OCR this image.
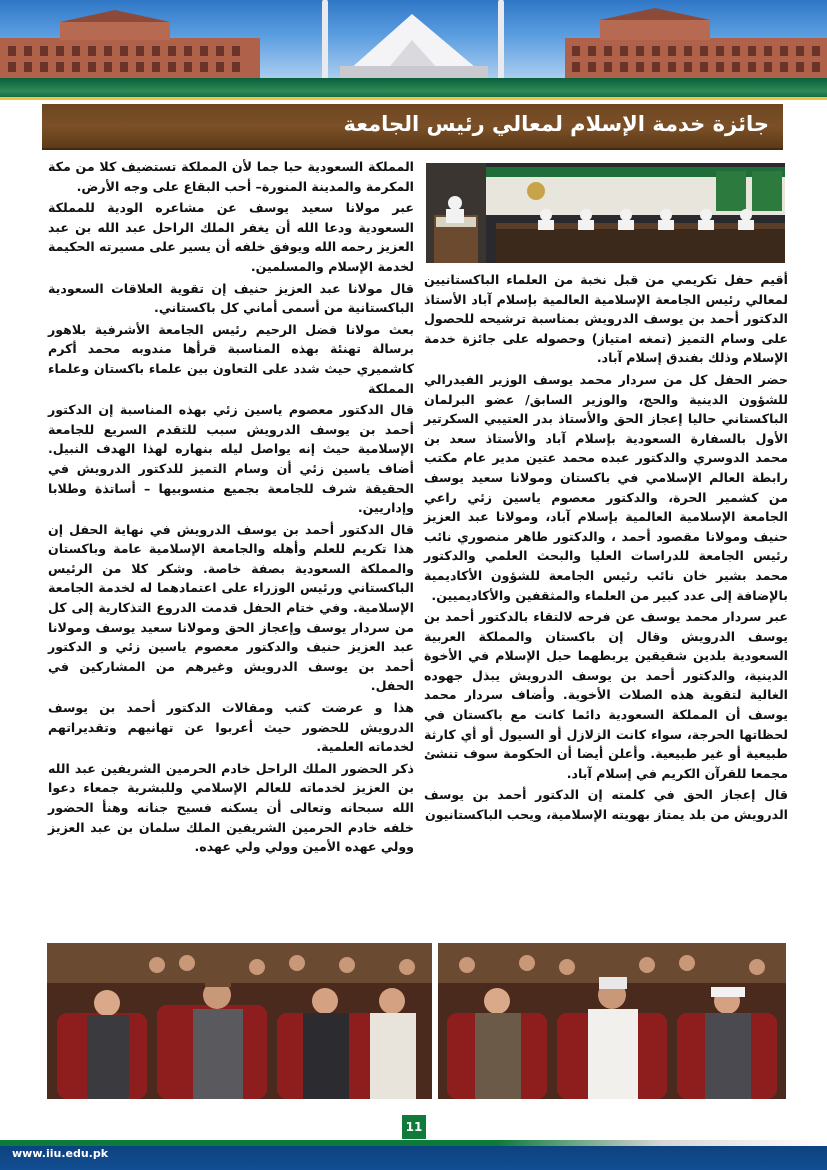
جائزة خدمة الإسلام لمعالي رئيس الجامعة

المملكة السعودية حبا جما لأن المملكة تستضيف كلا من مكة المكرمة والمدينة المنورة– أحب البقاع على وجه الأرض.

عبر مولانا سعيد يوسف عن مشاعره الودية للمملكة السعودية ودعا الله أن يغفر الملك الراحل عبد الله بن عبد العزيز رحمه الله ويوفق خلفه أن يسير على مسيرته الحكيمة لخدمة الإسلام والمسلمين.

قال مولانا عبد العزيز حنيف إن تقوية العلاقات السعودية الباكستانية من أسمى أماني كل باكستاني.

بعث مولانا فضل الرحيم رئيس الجامعة الأشرفية بلاهور برسالة تهنئة بهذه المناسبة قرأها مندوبه محمد أكرم كاشميري حيث شدد على التعاون بين علماء باكستان وعلماء المملكة

قال الدكتور معصوم ياسين زئي بهذه المناسبة إن الدكتور أحمد بن يوسف الدرويش سبب للتقدم السريع للجامعة الإسلامية حيث إنه يواصل ليله بنهاره لهذا الهدف النبيل. أضاف ياسين زئي أن وسام التميز للدكتور الدرويش في الحقيقة شرف للجامعة بجميع منسوبيها – أساتذة وطلابا وإداريين.

قال الدكتور أحمد بن يوسف الدرويش في نهاية الحفل إن هذا تكريم للعلم وأهله والجامعة الإسلامية عامة وباكستان والمملكة السعودية بصفة خاصة. وشكر كلا من الرئيس الباكستاني ورئيس الوزراء على اعتمادهما له لخدمة الجامعة الإسلامية. وفي ختام الحفل قدمت الدروع التذكارية إلى كل من سردار يوسف وإعجاز الحق ومولانا سعيد يوسف ومولانا عبد العزيز حنيف والدكتور معصوم ياسين زئي و الدكتور أحمد بن يوسف الدرويش وغيرهم من المشاركين في الحفل.

هذا و عرضت كتب ومقالات الدكتور أحمد بن يوسف الدرويش للحضور حيث أعربوا عن تهانيهم وتقديراتهم لخدماته العلمية.

ذكر الحضور الملك الراحل خادم الحرمين الشريفين عبد الله بن العزيز لخدماته للعالم الإسلامي وللبشرية جمعاء دعوا الله سبحانه وتعالى أن يسكنه فسيح جنانه وهنأ الحضور خلفه خادم الحرمين الشريفين الملك سلمان بن عبد العزيز وولي عهده الأمين وولي ولي عهده.

أقيم حفل تكريمي من قبل نخبة من العلماء الباكستانيين لمعالي رئيس الجامعة الإسلامية العالمية بإسلام آباد الأستاذ الدكتور أحمد بن يوسف الدرويش بمناسبة ترشيحه للحصول على وسام التميز (تمغه امتياز) وحصوله على جائزة خدمة الإسلام وذلك بفندق إسلام آباد.

حضر الحفل كل من سردار محمد يوسف الوزير الفيدرالي للشؤون الدينية والحج، والوزير السابق/ عضو البرلمان الباكستاني حاليا إعجاز الحق والأستاذ بدر العتيبي السكرتير الأول بالسفارة السعودية بإسلام آباد والأستاذ سعد بن محمد الدوسري والدكتور عبده محمد عتين مدير عام مكتب رابطة العالم الإسلامي في باكستان ومولانا سعيد يوسف من كشمير الحرة، والدكتور معصوم ياسين زئي راعي الجامعة الإسلامية العالمية بإسلام آباد، ومولانا عبد العزيز حنيف ومولانا مقصود أحمد ، والدكتور طاهر منصوري نائب رئيس الجامعة للدراسات العليا والبحث العلمي والدكتور محمد بشير خان نائب رئيس الجامعة للشؤون الأكاديمية بالإضافة إلى عدد كبير من العلماء والمثقفين والأكاديميين.

عبر سردار محمد يوسف عن فرحه لالتقاء بالدكتور أحمد بن يوسف الدرويش وقال إن باكستان والمملكة العربية السعودية بلدين شقيقين يربطهما حبل الإسلام في الأخوة الدينية، والدكتور أحمد بن يوسف الدرويش يبذل جهوده الغالية لتقوية هذه الصلات الأخوية. وأضاف سردار محمد يوسف أن المملكة السعودية دائما كانت مع باكستان في لحظاتها الحرجة، سواء كانت الزلازل أو السيول أو أي كارثة طبيعية أو غير طبيعية. وأعلن أيضا أن الحكومة سوف تنشئ مجمعا للقرآن الكريم في إسلام آباد.

قال إعجاز الحق في كلمته إن الدكتور أحمد بن يوسف الدرويش من بلد يمتاز بهويته الإسلامية، ويحب الباكستانيون

11
www.iiu.edu.pk
